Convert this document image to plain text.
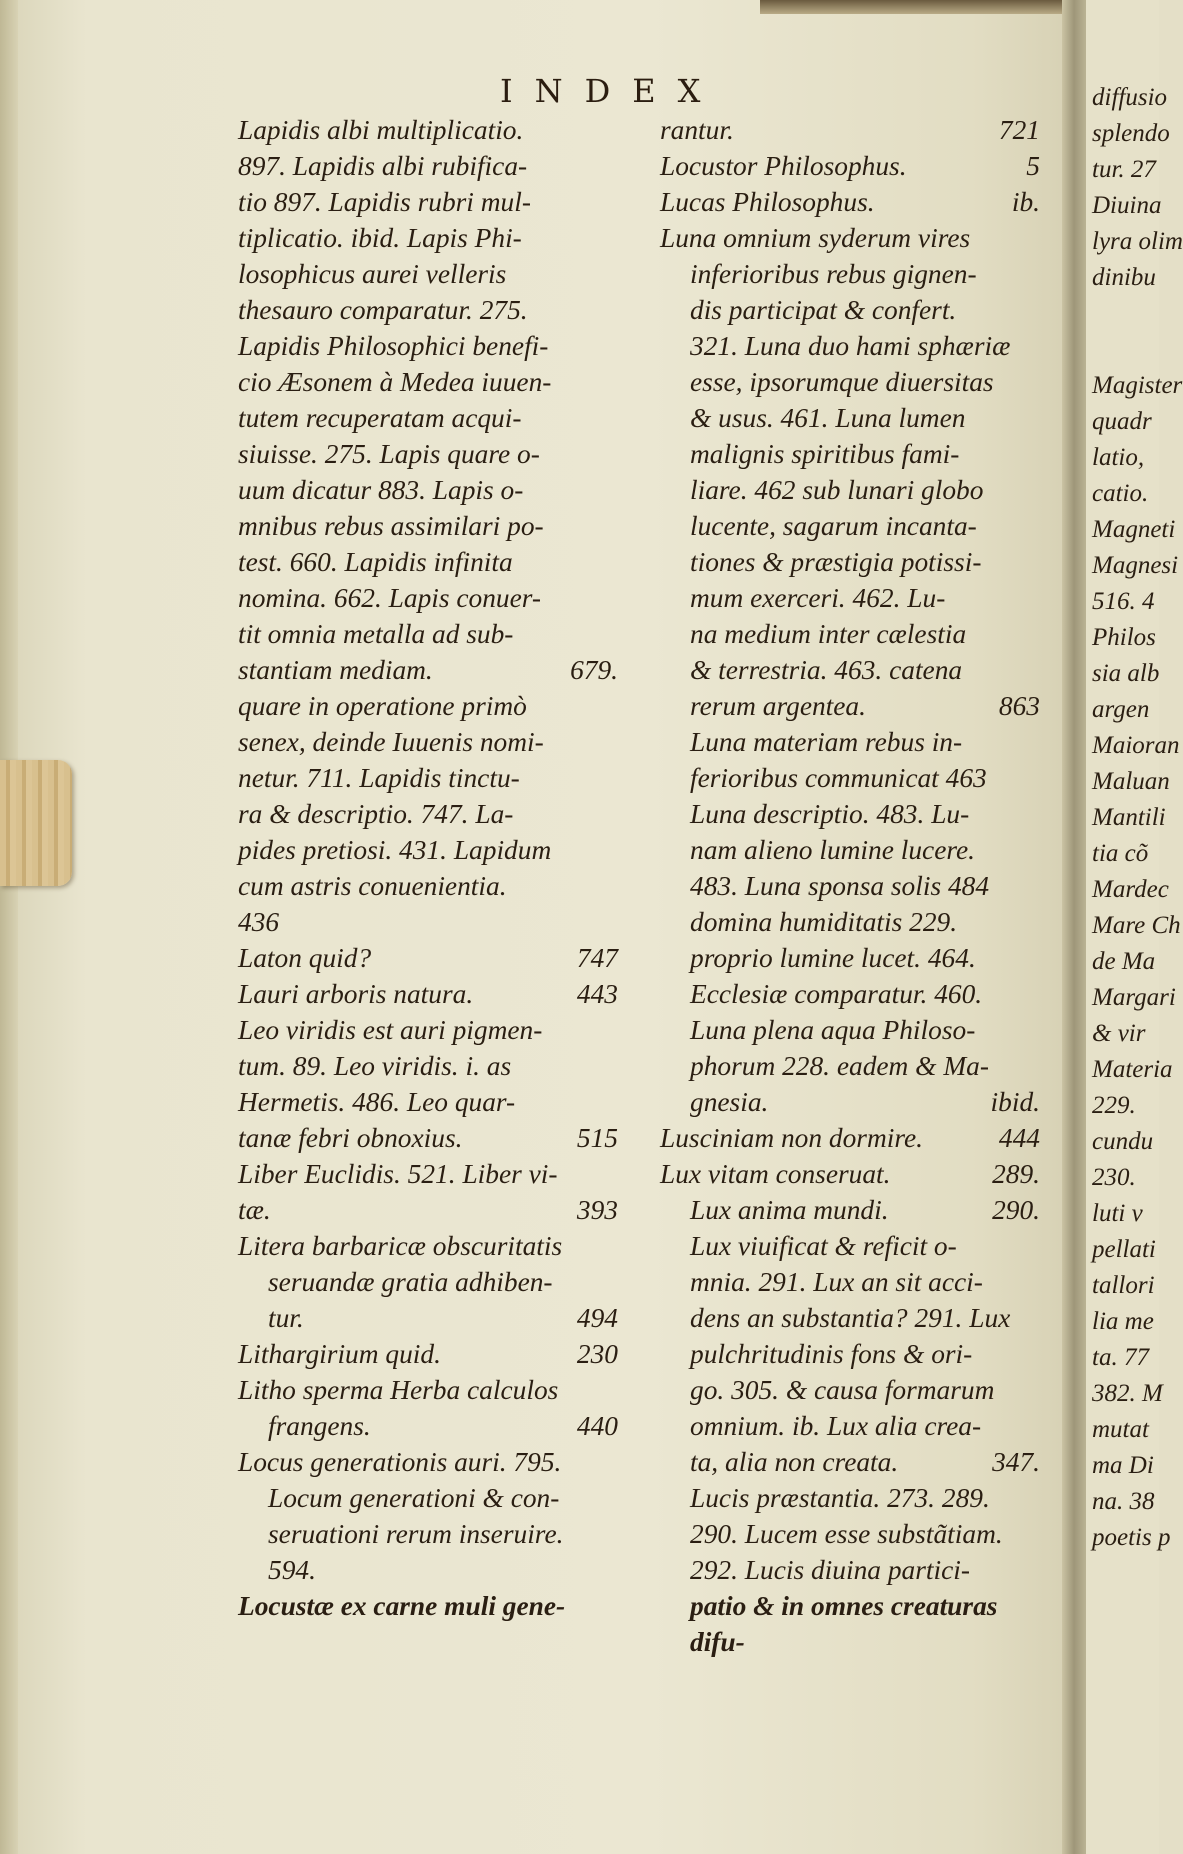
INDEX
Lapidis albi multiplicatio.
897. Lapidis albi rubifica-
tio 897. Lapidis rubri mul-
tiplicatio. ibid. Lapis Phi-
losophicus aurei velleris
thesauro comparatur. 275.
Lapidis Philosophici benefi-
cio Æsonem à Medea iuuen-
tutem recuperatam acqui-
siuisse. 275. Lapis quare o-
uum dicatur 883. Lapis o-
mnibus rebus assimilari po-
test. 660. Lapidis infinita
nomina. 662. Lapis conuer-
tit omnia metalla ad sub-
stantiam mediam.	679.
quare in operatione primò
senex, deinde Iuuenis nomi-
netur. 711. Lapidis tinctu-
ra & descriptio. 747. La-
pides pretiosi. 431. Lapidum
cum astris conuenientia.
436
Laton quid?	747
Lauri arboris natura.	443
Leo viridis est auri pigmen-
tum. 89. Leo viridis. i. as
Hermetis. 486. Leo quar-
tanæ febri obnoxius.	515
Liber Euclidis. 521. Liber vi-
tæ.	393
Litera barbaricæ obscuritatis
seruandæ gratia adhiben-
tur.	494
Lithargirium quid.	230
Litho sperma Herba calculos
frangens.	440
Locus generationis auri. 795.
Locum generationi & con-
seruationi rerum inseruire.
594.
Locustæ ex carne muli gene-
rantur.	721
Locustor Philosophus.	5
Lucas Philosophus.	ib.
Luna omnium syderum vires
inferioribus rebus gignen-
dis participat & confert.
321. Luna duo hami sphæriæ
esse, ipsorumque diuersitas
& usus. 461. Luna lumen
malignis spiritibus fami-
liare. 462 sub lunari globo
lucente, sagarum incanta-
tiones & præstigia potissi-
mum exerceri. 462. Lu-
na medium inter cælestia
& terrestria. 463. catena
rerum argentea.	863
Luna materiam rebus in-
ferioribus communicat 463
Luna descriptio. 483. Lu-
nam alieno lumine lucere.
483. Luna sponsa solis 484
domina humiditatis 229.
proprio lumine lucet. 464.
Ecclesiæ comparatur. 460.
Luna plena aqua Philoso-
phorum 228. eadem & Ma-
gnesia.	ibid.
Lusciniam non dormire.	444
Lux vitam conseruat.	289.
Lux anima mundi.	290.
Lux viuificat & reficit o-
mnia. 291. Lux an sit acci-
dens an substantia? 291. Lux
pulchritudinis fons & ori-
go. 305. & causa formarum
omnium. ib. Lux alia crea-
ta, alia non creata.	347.
Lucis præstantia. 273. 289.
290. Lucem esse substãtiam.
292. Lucis diuina partici-
patio & in omnes creaturas
difu-
diffusio
splendo
tur. 27
Diuina
lyra olim
dinibu
Magister
quadr
latio,
catio.
Magneti
Magnesi
516. 4
Philos
sia alb
argen
Maioran
Maluan
Mantili
tia cõ
Mardec
Mare Ch
de Ma
Margari
& vir
Materia
229.
cundu
230.
luti v
pellati
tallori
lia me
ta. 77
382. M
mutat
ma Di
na. 38
poetis p
